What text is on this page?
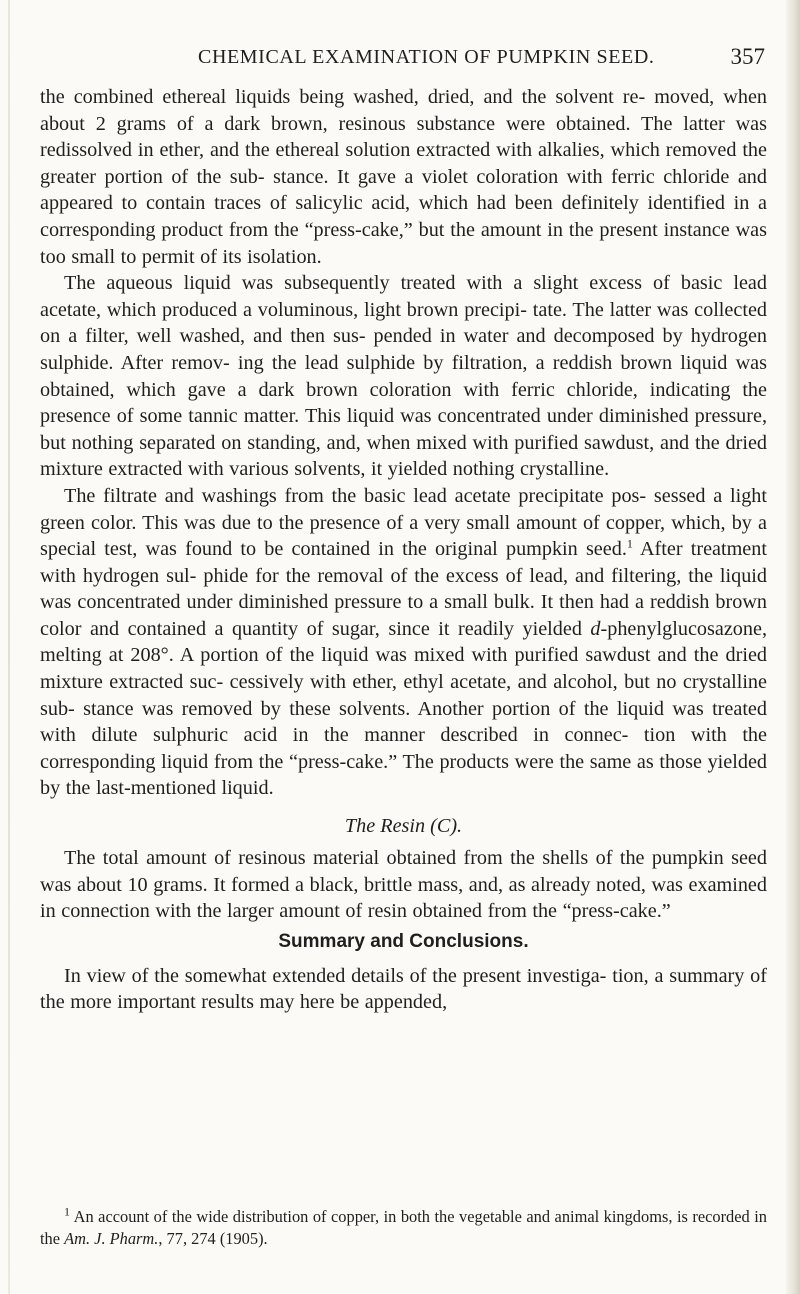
CHEMICAL EXAMINATION OF PUMPKIN SEED.	357

the combined ethereal liquids being washed, dried, and the solvent re- moved, when about 2 grams of a dark brown, resinous substance were obtained. The latter was redissolved in ether, and the ethereal solution extracted with alkalies, which removed the greater portion of the sub- stance. It gave a violet coloration with ferric chloride and appeared to contain traces of salicylic acid, which had been definitely identified in a corresponding product from the “press-cake,” but the amount in the present instance was too small to permit of its isolation.

The aqueous liquid was subsequently treated with a slight excess of basic lead acetate, which produced a voluminous, light brown precipi- tate. The latter was collected on a filter, well washed, and then sus- pended in water and decomposed by hydrogen sulphide. After remov- ing the lead sulphide by filtration, a reddish brown liquid was obtained, which gave a dark brown coloration with ferric chloride, indicating the presence of some tannic matter. This liquid was concentrated under diminished pressure, but nothing separated on standing, and, when mixed with purified sawdust, and the dried mixture extracted with various solvents, it yielded nothing crystalline.

The filtrate and washings from the basic lead acetate precipitate pos- sessed a light green color. This was due to the presence of a very small amount of copper, which, by a special test, was found to be contained in the original pumpkin seed.$^1$ After treatment with hydrogen sul- phide for the removal of the excess of lead, and filtering, the liquid was concentrated under diminished pressure to a small bulk. It then had a reddish brown color and contained a quantity of sugar, since it readily yielded d-phenylglucosazone, melting at 208°. A portion of the liquid was mixed with purified sawdust and the dried mixture extracted suc- cessively with ether, ethyl acetate, and alcohol, but no crystalline sub- stance was removed by these solvents. Another portion of the liquid was treated with dilute sulphuric acid in the manner described in connec- tion with the corresponding liquid from the “press-cake.” The products were the same as those yielded by the last-mentioned liquid.

The Resin (C).

The total amount of resinous material obtained from the shells of the pumpkin seed was about 10 grams. It formed a black, brittle mass, and, as already noted, was examined in connection with the larger amount of resin obtained from the “press-cake.”

Summary and Conclusions.

In view of the somewhat extended details of the present investiga- tion, a summary of the more important results may here be appended,

$^1$ An account of the wide distribution of copper, in both the vegetable and animal kingdoms, is recorded in the Am. J. Pharm., 77, 274 (1905).
